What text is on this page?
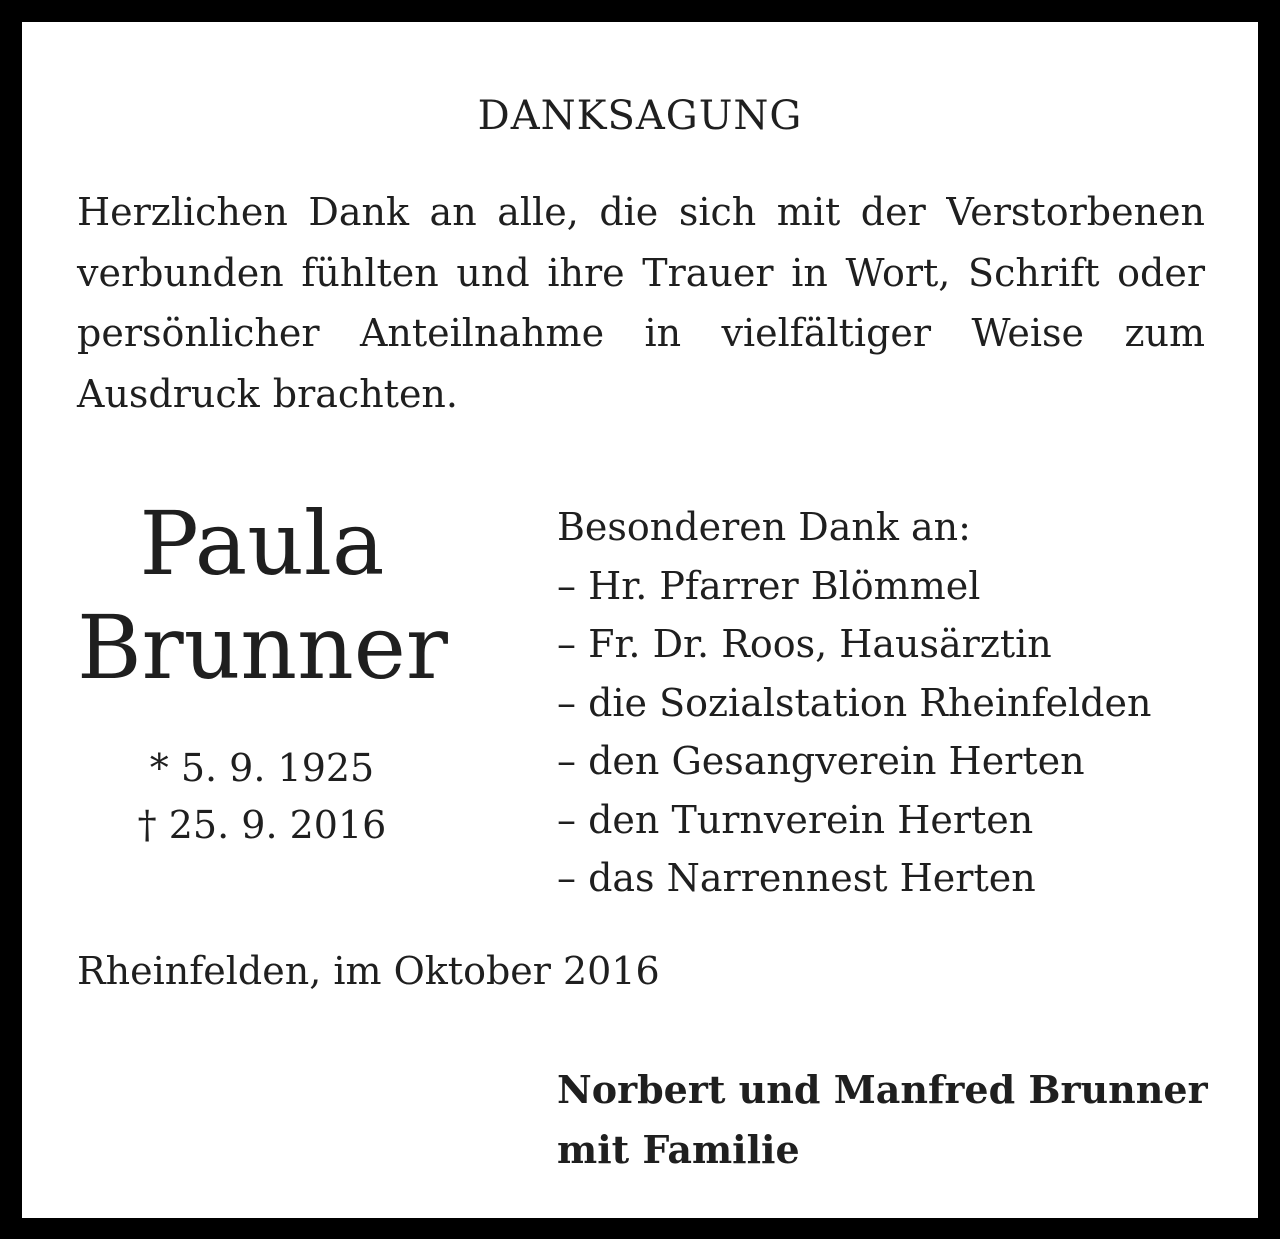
DANKSAGUNG

Herzlichen Dank an alle, die sich mit der Verstorbenen verbunden fühlten und ihre Trauer in Wort, Schrift oder persönlicher Anteilnahme in vielfältiger Weise zum Ausdruck brachten.

Paula
Brunner
* 5. 9. 1925
† 25. 9. 2016
Besonderen Dank an:
– Hr. Pfarrer Blömmel
– Fr. Dr. Roos, Hausärztin
– die Sozialstation Rheinfelden
– den Gesangverein Herten
– den Turnverein Herten
– das Narrennest Herten
Rheinfelden, im Oktober 2016
Norbert und Manfred Brunner
mit Familie
